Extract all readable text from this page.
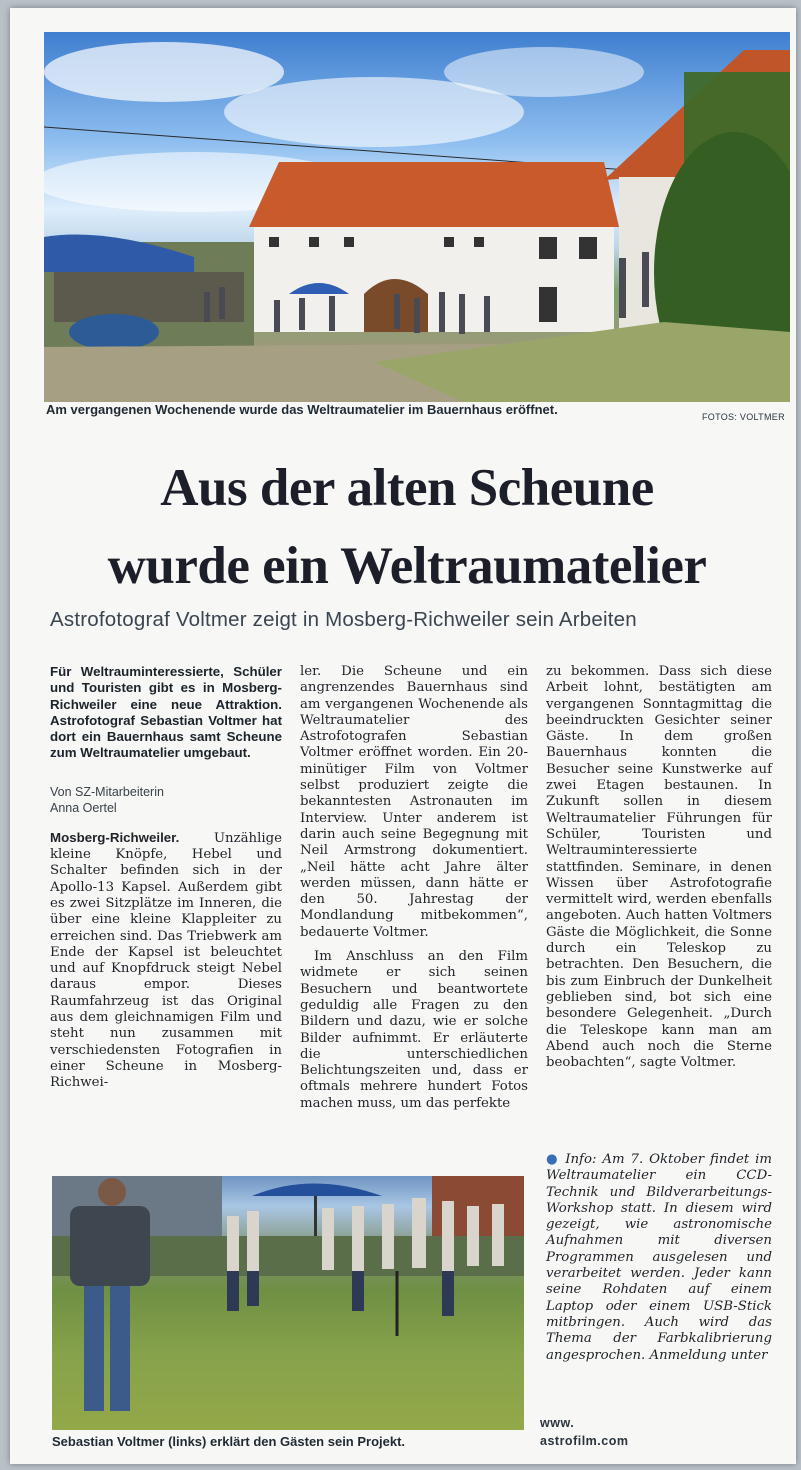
Am vergangenen Wochenende wurde das Weltraumatelier im Bauernhaus eröffnet.	FOTOS: VOLTMER
Aus der alten Scheune
wurde ein Weltraumatelier
Astrofotograf Voltmer zeigt in Mosberg-Richweiler sein Arbeiten

Für Weltrauminteressierte, Schüler und Touristen gibt es in Mosberg-Richweiler eine neue Attraktion. Astrofotograf Sebastian Voltmer hat dort ein Bauernhaus samt Scheune zum Weltraumatelier umgebaut.

Von SZ-Mitarbeiterin
Anna Oertel

Mosberg-Richweiler.	Unzählige kleine Knöpfe, Hebel und Schalter befinden sich in der Apollo-13 Kapsel. Außerdem gibt es zwei Sitzplätze im Inneren, die über eine kleine Klappleiter zu erreichen sind. Das Triebwerk am Ende der Kapsel ist beleuchtet und auf Knopfdruck steigt Nebel daraus empor. Dieses Raumfahrzeug ist das Original aus dem gleichnamigen Film und steht nun zusammen mit verschiedensten Fotografien in einer Scheune in Mosberg-Richwei-

ler. Die Scheune und ein angrenzendes Bauernhaus sind am vergangenen Wochenende als Weltraumatelier des Astrofotografen Sebastian Voltmer eröffnet worden. Ein 20-minütiger Film von Voltmer selbst produziert zeigte die bekanntesten Astronauten im Interview. Unter anderem ist darin auch seine Begegnung mit Neil Armstrong dokumentiert. „Neil hätte acht Jahre älter werden müssen, dann hätte er den 50. Jahrestag der Mondlandung mitbekommen“, bedauerte Voltmer.

Im Anschluss an den Film widmete er sich seinen Besuchern und beantwortete geduldig alle Fragen zu den Bildern und dazu, wie er solche Bilder aufnimmt. Er erläuterte die unterschiedlichen Belichtungszeiten und, dass er oftmals mehrere hundert Fotos machen muss, um das perfekte

zu bekommen. Dass sich diese Arbeit lohnt, bestätigten am vergangenen Sonntagmittag die beeindruckten Gesichter seiner Gäste. In dem großen Bauernhaus konnten die Besucher seine Kunstwerke auf zwei Etagen bestaunen. In Zukunft sollen in diesem Weltraumatelier Führungen für Schüler, Touristen und Weltrauminteressierte stattfinden. Seminare, in denen Wissen über Astrofotografie vermittelt wird, werden ebenfalls angeboten. Auch hatten Voltmers Gäste die Möglichkeit, die Sonne durch ein Teleskop zu betrachten. Den Besuchern, die bis zum Einbruch der Dunkelheit geblieben sind, bot sich eine besondere Gelegenheit. „Durch die Teleskope kann man am Abend auch noch die Sterne beobachten“, sagte Voltmer.

● Info: Am 7. Oktober findet im Weltraumatelier ein CCD-Technik und Bildverarbeitungs-Workshop statt. In diesem wird gezeigt, wie astronomische Aufnahmen mit diversen Programmen ausgelesen und verarbeitet werden. Jeder kann seine Rohdaten auf einem Laptop oder einem USB-Stick mitbringen. Auch wird das Thema der Farbkalibrierung angesprochen. Anmeldung unter
www.
astrofilm.com
Sebastian Voltmer (links) erklärt den Gästen sein Projekt.
